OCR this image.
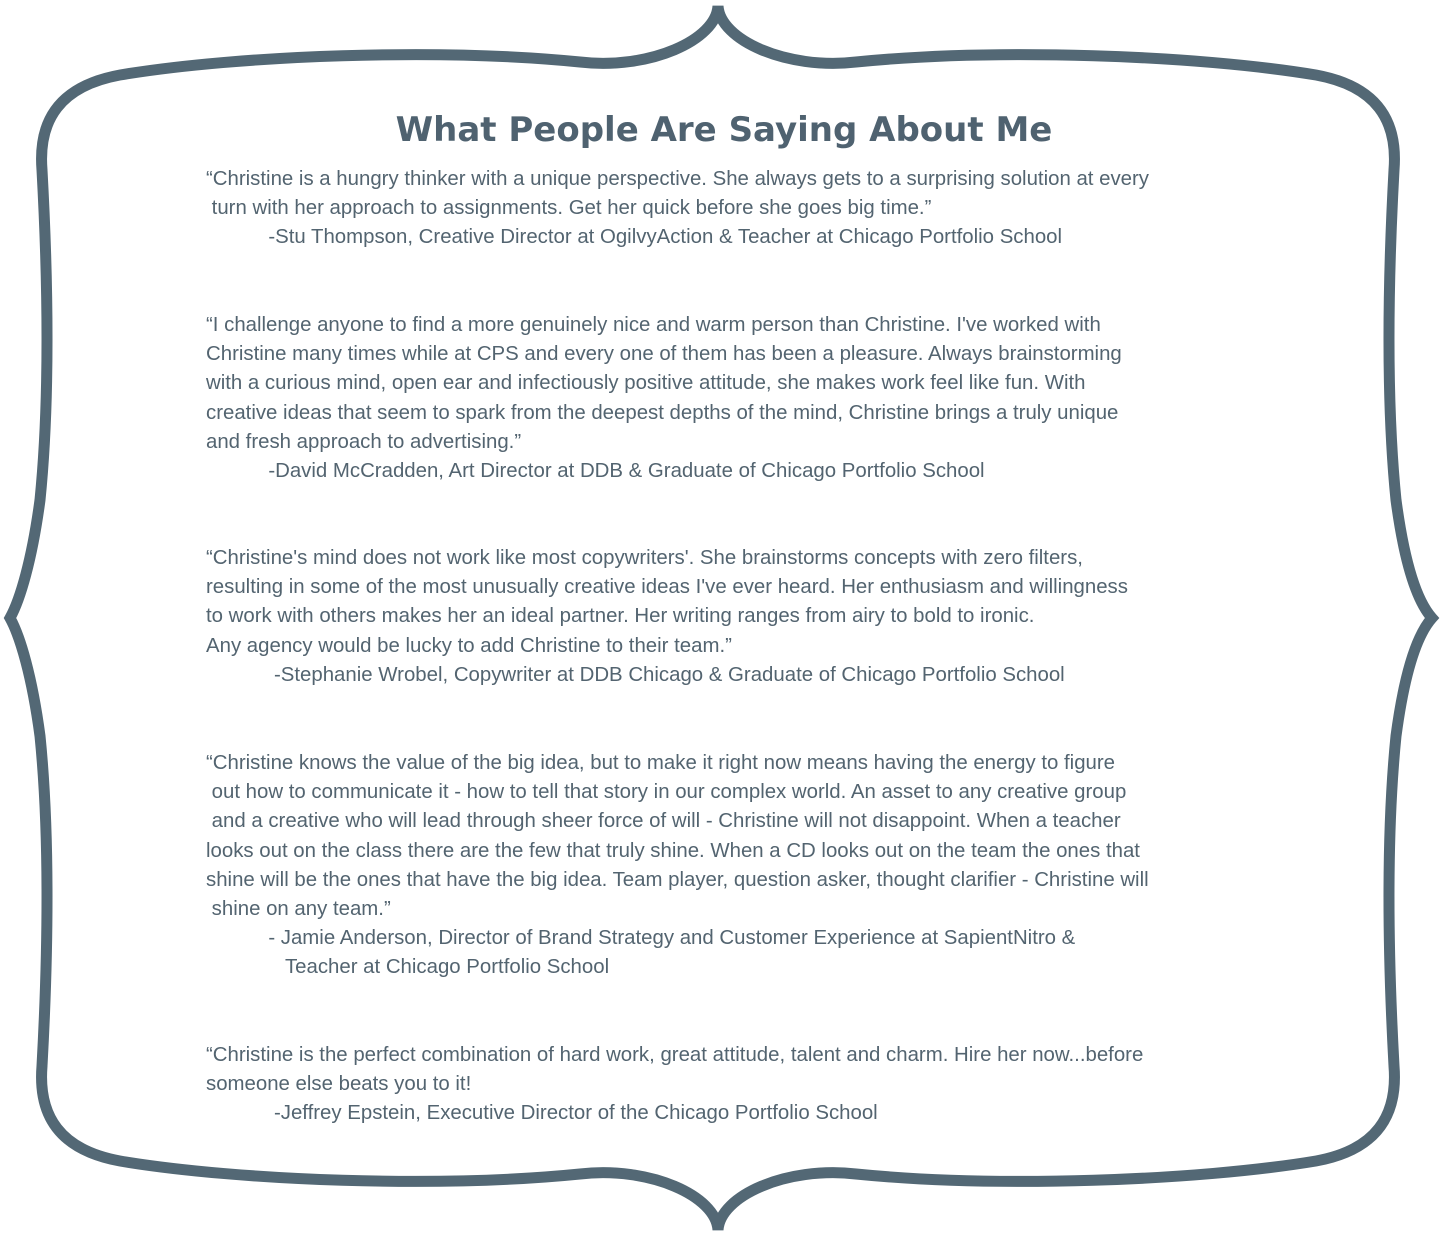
What People Are Saying About Me
“Christine is a hungry thinker with a unique perspective. She always gets to a surprising solution at every
turn with her approach to assignments. Get her quick before she goes big time.”
-Stu Thompson, Creative Director at OgilvyAction & Teacher at Chicago Portfolio School
“I challenge anyone to find a more genuinely nice and warm person than Christine. I've worked with
Christine many times while at CPS and every one of them has been a pleasure. Always brainstorming
with a curious mind, open ear and infectiously positive attitude, she makes work feel like fun. With
creative ideas that seem to spark from the deepest depths of the mind, Christine brings a truly unique
and fresh approach to advertising.”
-David McCradden, Art Director at DDB & Graduate of Chicago Portfolio School
“Christine's mind does not work like most copywriters'. She brainstorms concepts with zero filters,
resulting in some of the most unusually creative ideas I've ever heard. Her enthusiasm and willingness
to work with others makes her an ideal partner. Her writing ranges from airy to bold to ironic.
Any agency would be lucky to add Christine to their team.”
-Stephanie Wrobel, Copywriter at DDB Chicago & Graduate of Chicago Portfolio School
“Christine knows the value of the big idea, but to make it right now means having the energy to figure
out how to communicate it - how to tell that story in our complex world. An asset to any creative group
and a creative who will lead through sheer force of will - Christine will not disappoint. When a teacher
looks out on the class there are the few that truly shine. When a CD looks out on the team the ones that
shine will be the ones that have the big idea. Team player, question asker, thought clarifier - Christine will
shine on any team.”
- Jamie Anderson, Director of Brand Strategy and Customer Experience at SapientNitro &
Teacher at Chicago Portfolio School
“Christine is the perfect combination of hard work, great attitude, talent and charm. Hire her now...before
someone else beats you to it!
-Jeffrey Epstein, Executive Director of the Chicago Portfolio School
